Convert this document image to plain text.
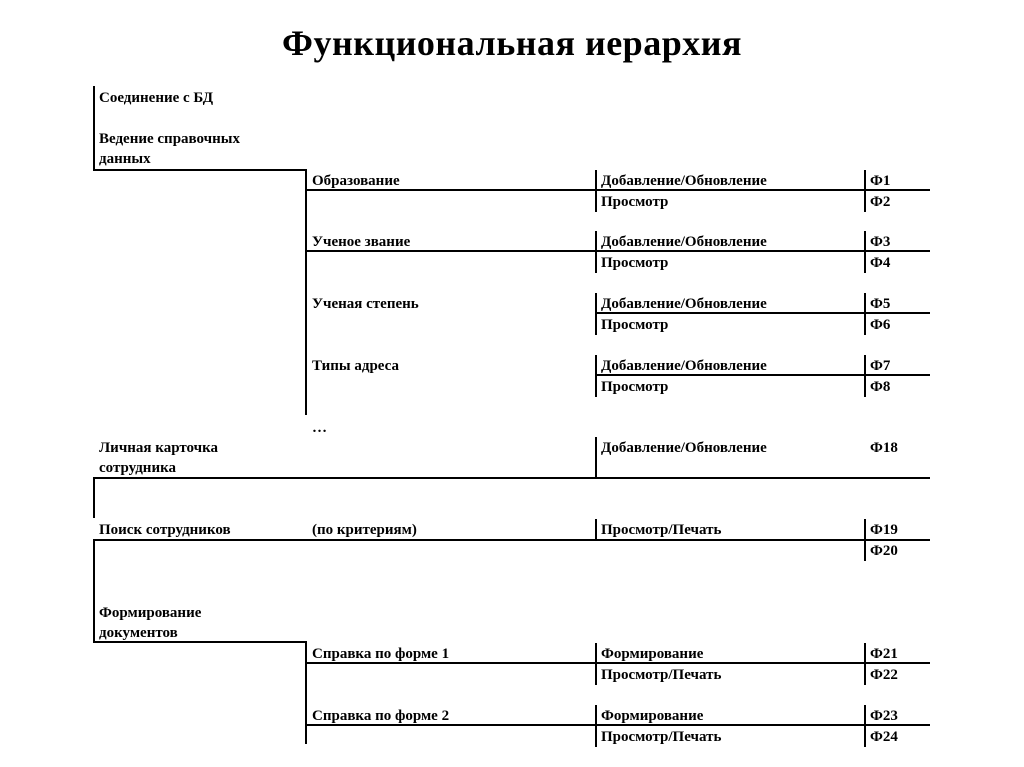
Функциональная иерархия
Соединение с БД
Ведение справочных
данных
Личная карточка
сотрудника
Поиск сотрудников
Формирование
документов
Образование
Ученое звание
Ученая степень
Типы адреса
…
(по критериям)
Справка по форме 1
Справка по форме 2
Добавление/Обновление
Просмотр
Добавление/Обновление
Просмотр
Добавление/Обновление
Просмотр
Добавление/Обновление
Просмотр
Добавление/Обновление
Просмотр/Печать
Формирование
Просмотр/Печать
Формирование
Просмотр/Печать
Ф1
Ф2
Ф3
Ф4
Ф5
Ф6
Ф7
Ф8
Ф18
Ф19
Ф20
Ф21
Ф22
Ф23
Ф24
